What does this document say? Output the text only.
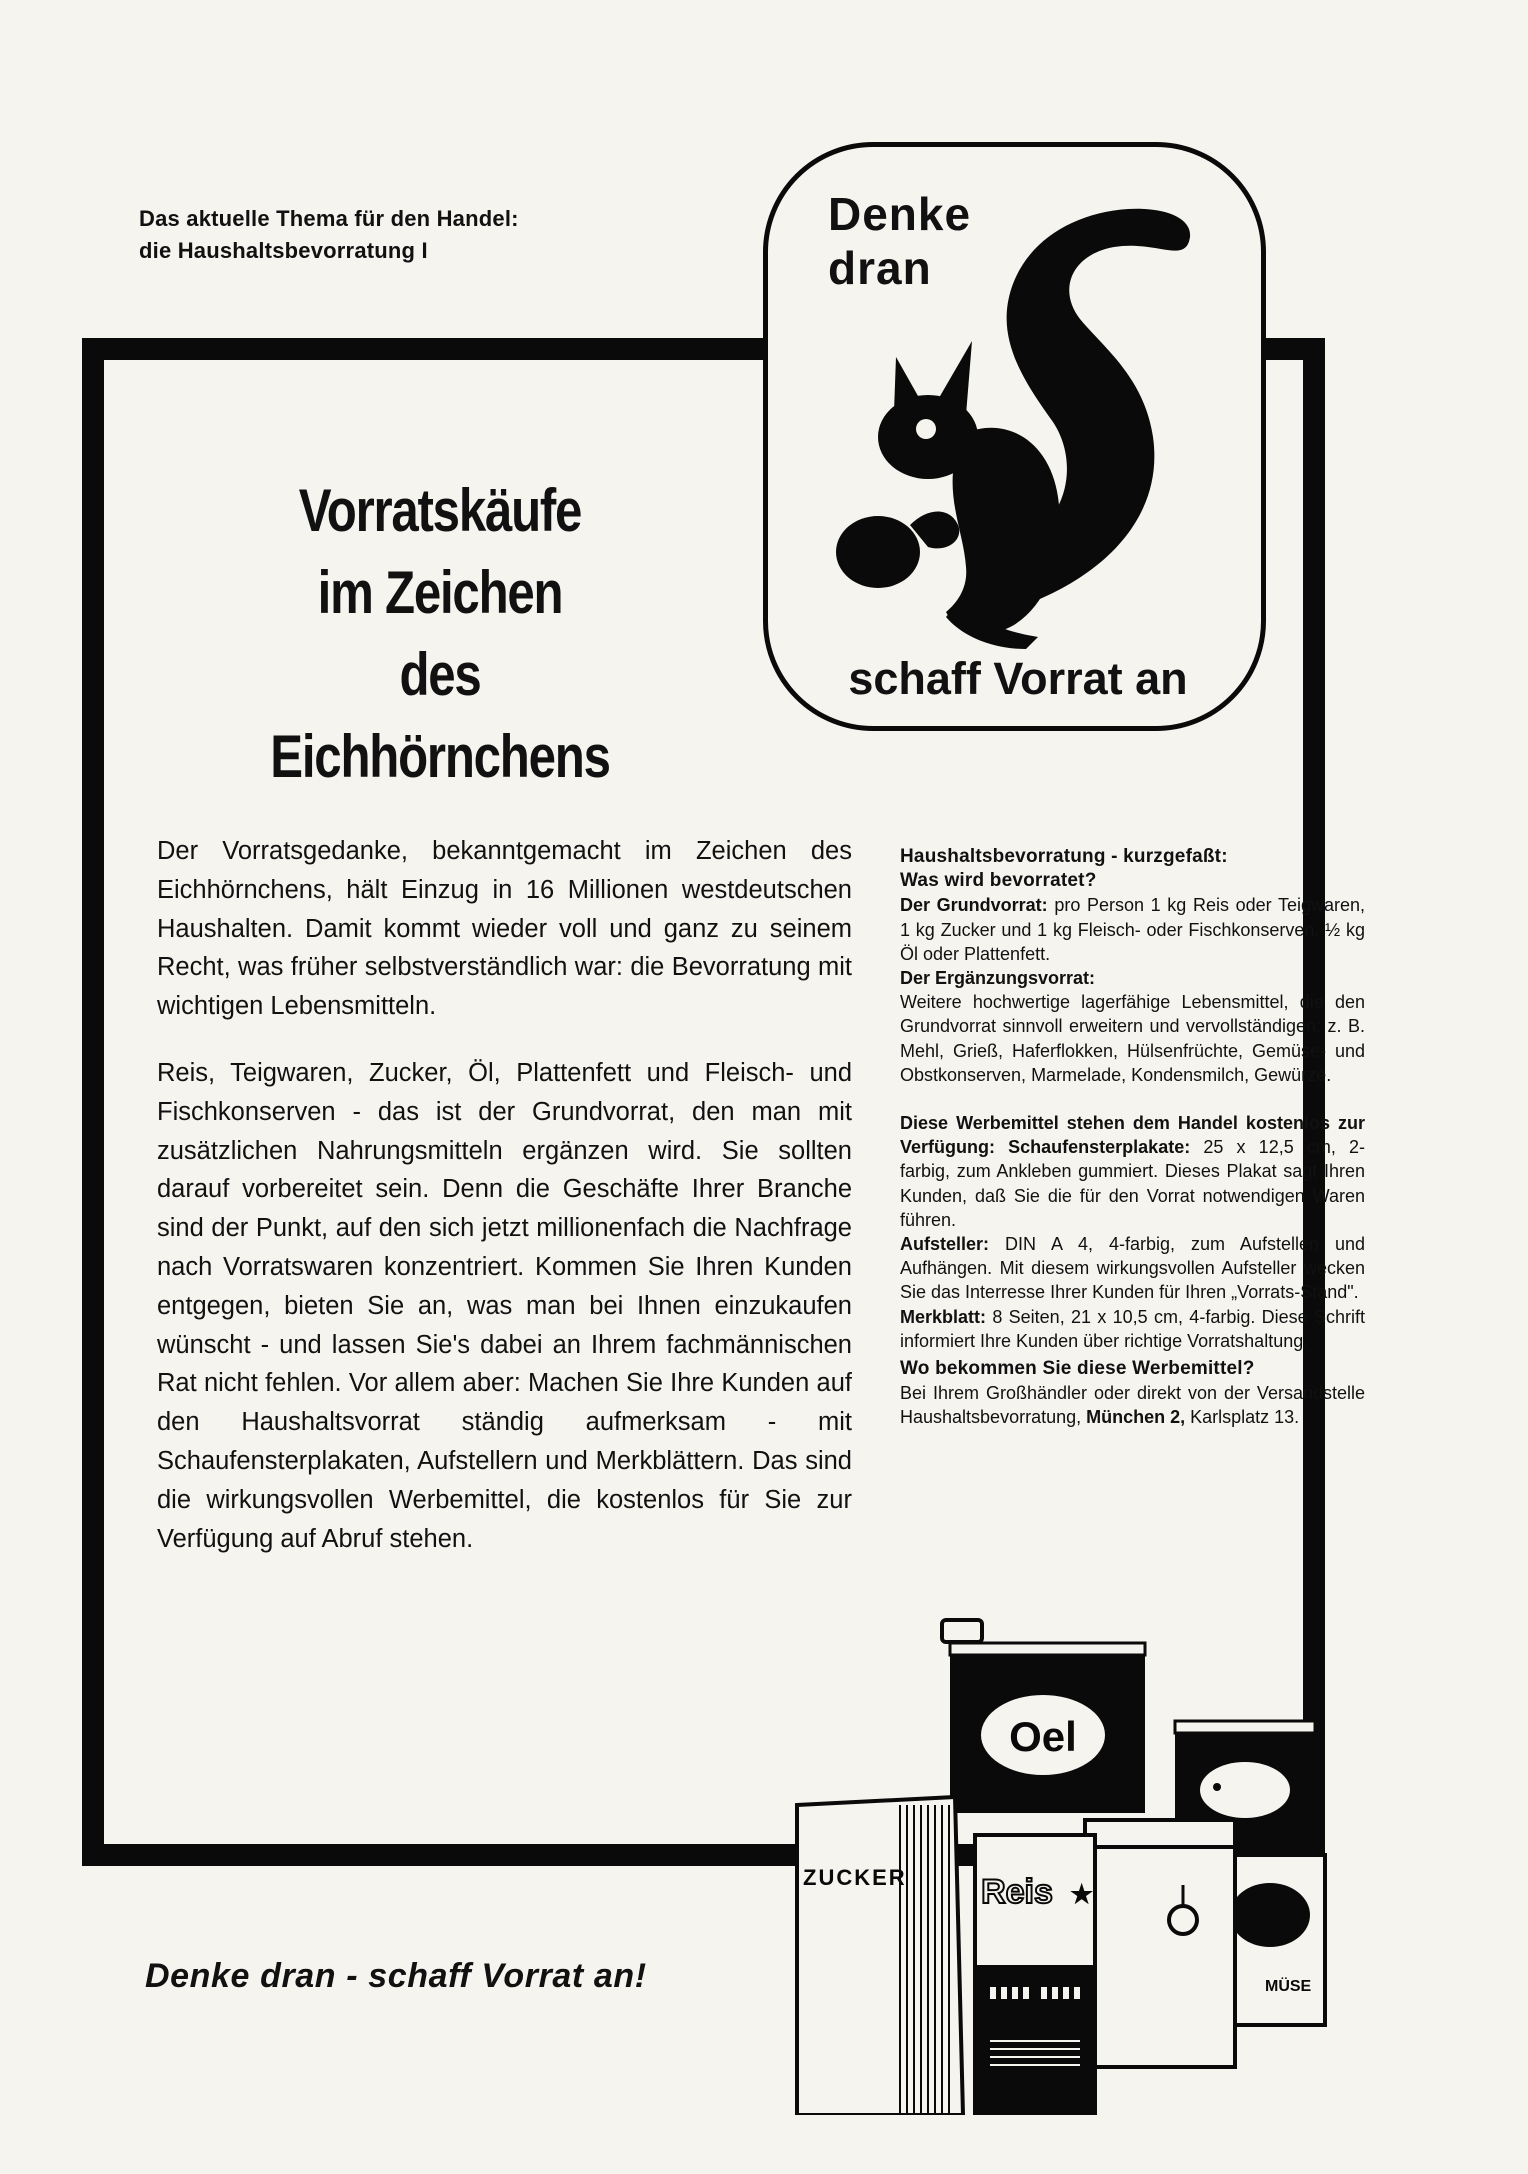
Das aktuelle Thema für den Handel:
die Haushaltsbevorratung I
Denke
dran
schaff Vorrat an
Vorratskäufe
im Zeichen
des Eichhörnchens

Der Vorratsgedanke, bekanntgemacht im Zeichen des Eichhörnchens, hält Einzug in 16 Millionen westdeutschen Haushalten. Damit kommt wieder voll und ganz zu seinem Recht, was früher selbstverständlich war: die Bevorratung mit wichtigen Lebensmitteln.

Reis, Teigwaren, Zucker, Öl, Plattenfett und Fleisch- und Fischkonserven - das ist der Grundvorrat, den man mit zusätzlichen Nahrungsmitteln ergänzen wird. Sie sollten darauf vorbereitet sein. Denn die Geschäfte Ihrer Branche sind der Punkt, auf den sich jetzt millionenfach die Nachfrage nach Vorratswaren konzentriert. Kommen Sie Ihren Kunden entgegen, bieten Sie an, was man bei Ihnen einzukaufen wünscht - und lassen Sie's dabei an Ihrem fachmännischen Rat nicht fehlen. Vor allem aber: Machen Sie Ihre Kunden auf den Haushaltsvorrat ständig aufmerksam - mit Schaufensterplakaten, Aufstellern und Merkblättern. Das sind die wirkungsvollen Werbemittel, die kostenlos für Sie zur Verfügung auf Abruf stehen.

Haushaltsbevorratung - kurzgefaßt:

Was wird bevorratet?

Der Grundvorrat: pro Person 1 kg Reis oder Teigwaren, 1 kg Zucker und 1 kg Fleisch- oder Fischkonserven, ½ kg Öl oder Plattenfett.

Der Ergänzungsvorrat:

Weitere hochwertige lagerfähige Lebensmittel, die den Grundvorrat sinnvoll erweitern und vervollständigen: z. B. Mehl, Grieß, Haferflokken, Hülsenfrüchte, Gemüse- und Obstkonserven, Marmelade, Kondensmilch, Gewürze.

Diese Werbemittel stehen dem Handel kostenlos zur Verfügung: Schaufensterplakate: 25 x 12,5 cm, 2-farbig, zum Ankleben gummiert. Dieses Plakat sagt Ihren Kunden, daß Sie die für den Vorrat notwendigen Waren führen.

Aufsteller: DIN A 4, 4-farbig, zum Aufstellen und Aufhängen. Mit diesem wirkungsvollen Aufsteller wecken Sie das Interresse Ihrer Kunden für Ihren „Vorrats-Stand".

Merkblatt: 8 Seiten, 21 x 10,5 cm, 4-farbig. Diese Schrift informiert Ihre Kunden über richtige Vorratshaltung.

Wo bekommen Sie diese Werbemittel?

Bei Ihrem Großhändler oder direkt von der Versandstelle Haushaltsbevorratung, München 2, Karlsplatz 13.

Oel
ZUCKER
MÜSE
Reis ★
Denke dran - schaff Vorrat an!
